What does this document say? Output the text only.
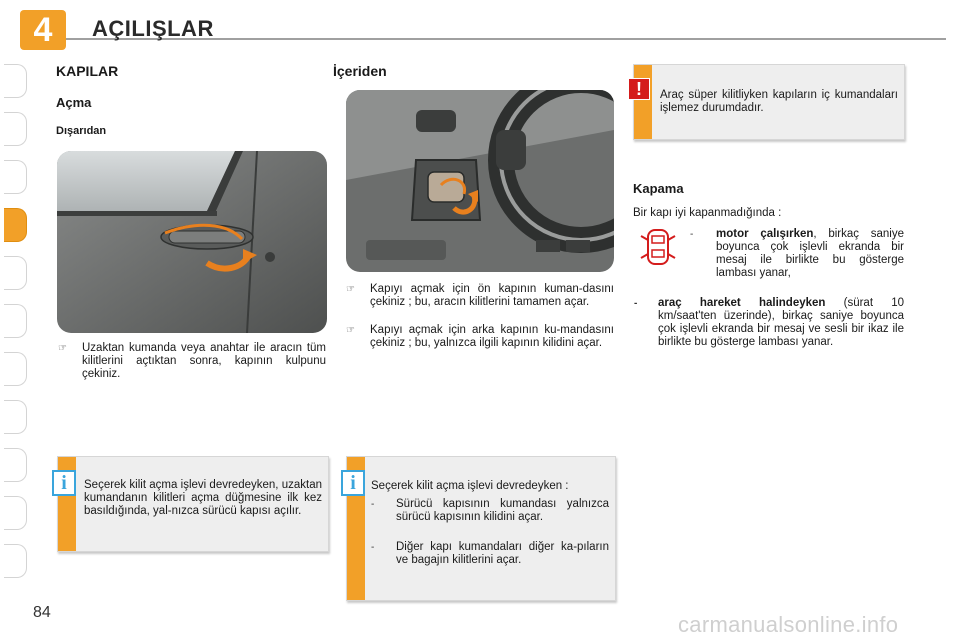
4	AÇILIŞLAR
KAPILAR
Açma
Dışarıdan
☞ Uzaktan kumanda veya anahtar ile aracın tüm kilitlerini açtıktan sonra, kapının kulpunu çekiniz.
Seçerek kilit açma işlevi devredeyken, uzaktan kumandanın kilitleri açma düğmesine ilk kez basıldığında, yal-nızca sürücü kapısı açılır.
i
İçeriden
☞ Kapıyı açmak için ön kapının kuman-dasını çekiniz ; bu, aracın kilitlerini tamamen açar.
☞ Kapıyı açmak için arka kapının ku-mandasını çekiniz ; bu, yalnızca ilgili kapının kilidini açar.
Seçerek kilit açma işlevi devredeyken :
- Sürücü kapısının kumandası yalnızca sürücü kapısının kilidini açar.
- Diğer kapı kumandaları diğer ka-pıların ve bagajın kilitlerini açar.
i
Araç süper kilitliyken kapıların iç kumandaları işlemez durumdadır.
!
Kapama
Bir kapı iyi kapanmadığında :
- motor çalışırken, birkaç saniye boyunca çok işlevli ekranda bir mesaj ile birlikte bu gösterge lambası yanar,
- araç hareket halindeyken (sürat 10 km/saat'ten üzerinde), birkaç saniye boyunca çok işlevli ekranda bir mesaj ve sesli bir ikaz ile birlikte bu gösterge lambası yanar.
84	carmanualsonline.info
